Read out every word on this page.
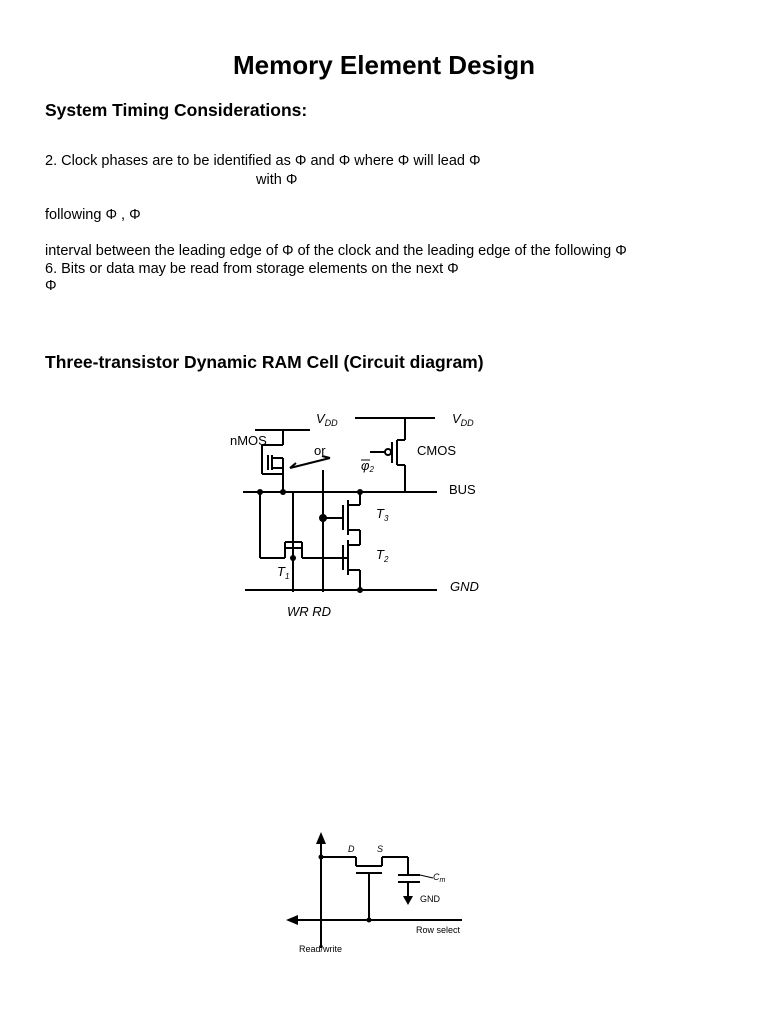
Memory Element Design
System Timing Considerations:
2. Clock phases are to be identified as Φ and Φ where Φ will lead Φ
with Φ
following Φ , Φ
interval between the leading edge of Φ of the clock and the leading edge of the following Φ
6. Bits or data may be read from storage elements on the next Φ
Φ
Three-transistor Dynamic RAM Cell (Circuit diagram)
$V_{DD}$	$V_{DD}$
nMOS
or	CMOS
φ2
BUS
$T_3$
$T_2$
$T_1$
GND
WR RD
D	S
$C_m$
GND
Row select
Read/write
